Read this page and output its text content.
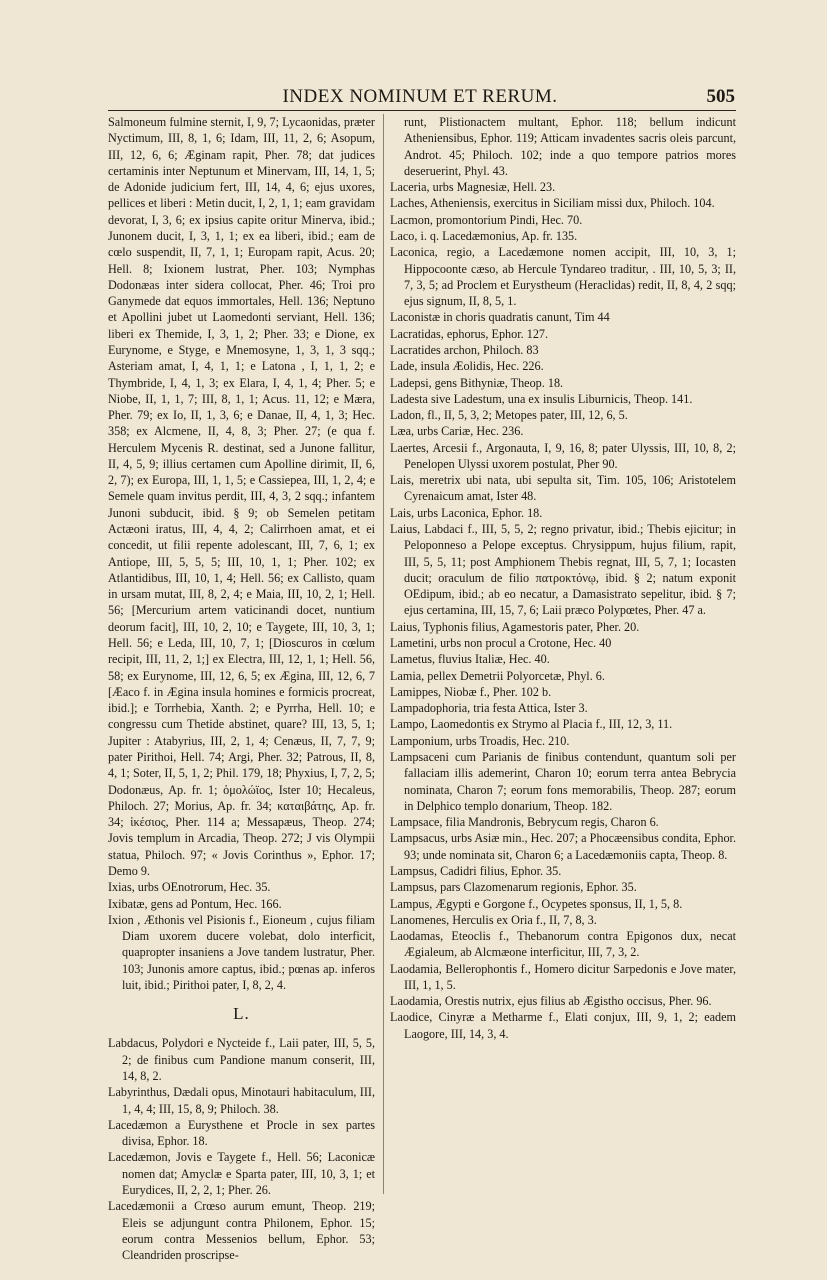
INDEX NOMINUM ET RERUM.	505

Salmoneum fulmine sternit, I, 9, 7; Lycaonidas, præter Nyctimum, III, 8, 1, 6; Idam, III, 11, 2, 6; Asopum, III, 12, 6, 6; Æginam rapit, Pher. 78; dat judices certaminis inter Neptunum et Minervam, III, 14, 1, 5; de Adonide judicium fert, III, 14, 4, 6; ejus uxores, pellices et liberi : Metin ducit, I, 2, 1, 1; eam gravidam devorat, I, 3, 6; ex ipsius capite oritur Minerva, ibid.; Junonem ducit, I, 3, 1, 1; ex ea liberi, ibid.; eam de cœlo suspendit, II, 7, 1, 1; Europam rapit, Acus. 20; Hell. 8; Ixionem lustrat, Pher. 103; Nymphas Dodonæas inter sidera collocat, Pher. 46; Troi pro Ganymede dat equos immortales, Hell. 136; Neptuno et Apollini jubet ut Laomedonti serviant, Hell. 136; liberi ex Themide, I, 3, 1, 2; Pher. 33; e Dione, ex Eurynome, e Styge, e Mnemosyne, 1, 3, 1, 3 sqq.; Asteriam amat, I, 4, 1, 1; e Latona , I, 1, 1, 2; e Thymbride, I, 4, 1, 3; ex Elara, I, 4, 1, 4; Pher. 5; e Niobe, II, 1, 1, 7; III, 8, 1, 1; Acus. 11, 12; e Mæra, Pher. 79; ex Io, II, 1, 3, 6; e Danae, II, 4, 1, 3; Hec. 358; ex Alcmene, II, 4, 8, 3; Pher. 27; (e qua f. Herculem Mycenis R. destinat, sed a Junone fallitur, II, 4, 5, 9; illius certamen cum Apolline dirimit, II, 6, 2, 7); ex Europa, III, 1, 1, 5; e Cassiepea, III, 1, 2, 4; e Semele quam invitus perdit, III, 4, 3, 2 sqq.; infantem Junoni subducit, ibid. § 9; ob Semelen petitam Actæoni iratus, III, 4, 4, 2; Calirrhoen amat, et ei concedit, ut filii repente adolescant, III, 7, 6, 1; ex Antiope, III, 5, 5, 5; III, 10, 1, 1; Pher. 102; ex Atlantidibus, III, 10, 1, 4; Hell. 56; ex Callisto, quam in ursam mutat, III, 8, 2, 4; e Maia, III, 10, 2, 1; Hell. 56; [Mercurium artem vaticinandi docet, nuntium deorum facit], III, 10, 2, 10; e Taygete, III, 10, 3, 1; Hell. 56; e Leda, III, 10, 7, 1; [Dioscuros in cœlum recipit, III, 11, 2, 1;] ex Electra, III, 12, 1, 1; Hell. 56, 58; ex Eurynome, III, 12, 6, 5; ex Ægina, III, 12, 6, 7 [Æaco f. in Ægina insula homines e formicis procreat, ibid.]; e Torrhebia, Xanth. 2; e Pyrrha, Hell. 10; e congressu cum Thetide abstinet, quare? III, 13, 5, 1; Jupiter : Atabyrius, III, 2, 1, 4; Cenæus, II, 7, 7, 9; pater Pirithoi, Hell. 74; Argi, Pher. 32; Patrous, II, 8, 4, 1; Soter, II, 5, 1, 2; Phil. 179, 18; Phyxius, I, 7, 2, 5; Dodonæus, Ap. fr. 1; ὁμολώϊος, Ister 10; Hecaleus, Philoch. 27; Morius, Ap. fr. 34; καταιβάτης, Ap. fr. 34; ἱκέσιος, Pher. 114 a; Messapæus, Theop. 274; Jovis templum in Arcadia, Theop. 272; J vis Olympii statua, Philoch. 97; « Jovis Corinthus », Ephor. 17; Demo 9.

Ixias, urbs OEnotrorum, Hec. 35.

Ixibatæ, gens ad Pontum, Hec. 166.

Ixion , Æthonis vel Pisionis f., Eioneum , cujus filiam Diam uxorem ducere volebat, dolo interficit, quapropter insaniens a Jove tandem lustratur, Pher. 103; Junonis amore captus, ibid.; pœnas ap. inferos luit, ibid.; Pirithoi pater, I, 8, 2, 4.

L.

Labdacus, Polydori e Nycteide f., Laii pater, III, 5, 5, 2; de finibus cum Pandione manum conserit, III, 14, 8, 2.

Labyrinthus, Dædali opus, Minotauri habitaculum, III, 1, 4, 4; III, 15, 8, 9; Philoch. 38.

Lacedæmon a Eurysthene et Procle in sex partes divisa, Ephor. 18.

Lacedæmon, Jovis e Taygete f., Hell. 56; Laconicæ nomen dat; Amyclæ e Sparta pater, III, 10, 3, 1; et Eurydices, II, 2, 2, 1; Pher. 26.

Lacedæmonii a Crœso aurum emunt, Theop. 219; Eleis se adjungunt contra Philonem, Ephor. 15; eorum contra Messenios bellum, Ephor. 53; Cleandriden proscripse-

runt, Plistionactem multant, Ephor. 118; bellum indicunt Atheniensibus, Ephor. 119; Atticam invadentes sacris oleis parcunt, Androt. 45; Philoch. 102; inde a quo tempore patrios mores deseruerint, Phyl. 43.

Laceria, urbs Magnesiæ, Hell. 23.

Laches, Atheniensis, exercitus in Siciliam missi dux, Philoch. 104.

Lacmon, promontorium Pindi, Hec. 70.

Laco, i. q. Lacedæmonius, Ap. fr. 135.

Laconica, regio, a Lacedæmone nomen accipit, III, 10, 3, 1; Hippocoonte cæso, ab Hercule Tyndareo traditur, . III, 10, 5, 3; II, 7, 3, 5; ad Proclem et Eurystheum (Heraclidas) redit, II, 8, 4, 2 sqq; ejus signum, II, 8, 5, 1.

Laconistæ in choris quadratis canunt, Tim 44

Lacratidas, ephorus, Ephor. 127.

Lacratides archon, Philoch. 83

Lade, insula Æolidis, Hec. 226.

Ladepsi, gens Bithyniæ, Theop. 18.

Ladesta sive Ladestum, una ex insulis Liburnicis, Theop. 141.

Ladon, fl., II, 5, 3, 2; Metopes pater, III, 12, 6, 5.

Læa, urbs Cariæ, Hec. 236.

Laertes, Arcesii f., Argonauta, I, 9, 16, 8; pater Ulyssis, III, 10, 8, 2; Penelopen Ulyssi uxorem postulat, Pher 90.

Lais, meretrix ubi nata, ubi sepulta sit, Tim. 105, 106; Aristotelem Cyrenaicum amat, Ister 48.

Lais, urbs Laconica, Ephor. 18.

Laius, Labdaci f., III, 5, 5, 2; regno privatur, ibid.; Thebis ejicitur; in Peloponneso a Pelope exceptus. Chrysippum, hujus filium, rapit, III, 5, 5, 11; post Amphionem Thebis regnat, III, 5, 7, 1; Iocasten ducit; oraculum de filio πατροκτόνῳ, ibid. § 2; natum exponit OEdipum, ibid.; ab eo necatur, a Damasistrato sepelitur, ibid. § 7; ejus certamina, III, 15, 7, 6; Laii præco Polypœtes, Pher. 47 a.

Laius, Typhonis filius, Agamestoris pater, Pher. 20.

Lametini, urbs non procul a Crotone, Hec. 40

Lametus, fluvius Italiæ, Hec. 40.

Lamia, pellex Demetrii Polyorcetæ, Phyl. 6.

Lamippes, Niobæ f., Pher. 102 b.

Lampadophoria, tria festa Attica, Ister 3.

Lampo, Laomedontis ex Strymo al Placia f., III, 12, 3, 11.

Lamponium, urbs Troadis, Hec. 210.

Lampsaceni cum Parianis de finibus contendunt, quantum soli per fallaciam illis ademerint, Charon 10; eorum terra antea Bebrycia nominata, Charon 7; eorum fons memorabilis, Theop. 287; eorum in Delphico templo donarium, Theop. 182.

Lampsace, filia Mandronis, Bebrycum regis, Charon 6.

Lampsacus, urbs Asiæ min., Hec. 207; a Phocæensibus condita, Ephor. 93; unde nominata sit, Charon 6; a Lacedæmoniis capta, Theop. 8.

Lampsus, Cadidri filius, Ephor. 35.

Lampsus, pars Clazomenarum regionis, Ephor. 35.

Lampus, Ægypti e Gorgone f., Ocypetes sponsus, II, 1, 5, 8.

Lanomenes, Herculis ex Oria f., II, 7, 8, 3.

Laodamas, Eteoclis f., Thebanorum contra Epigonos dux, necat Ægialeum, ab Alcmæone interficitur, III, 7, 3, 2.

Laodamia, Bellerophontis f., Homero dicitur Sarpedonis e Jove mater, III, 1, 1, 5.

Laodamia, Orestis nutrix, ejus filius ab Ægistho occisus, Pher. 96.

Laodice, Cinyræ a Metharme f., Elati conjux, III, 9, 1, 2; eadem Laogore, III, 14, 3, 4.
